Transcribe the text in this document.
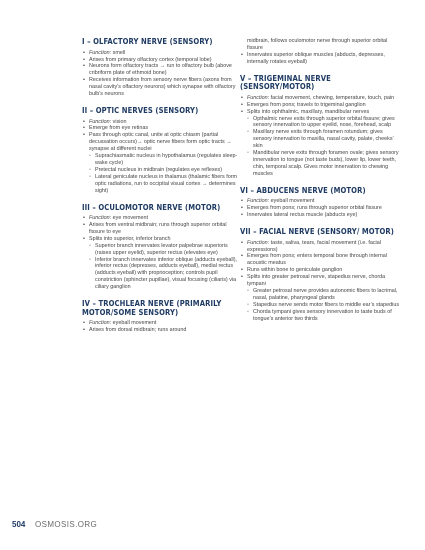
I – OLFACTORY NERVE (SENSORY)
• Function: smell
• Arises from primary olfactory cortex (temporal lobe)
• Neurons form olfactory tracts → run to olfactory bulb (above cribriform plate of ethmoid bone)
• Receives information from sensory nerve fibers (axons from nasal cavity’s olfactory neurons) which synapse with olfactory bulb’s neurons
II – OPTIC NERVES (SENSORY)
• Function: vision
• Emerge from eye retinas
• Pass through optic canal, unite at optic chiasm (partial decussation occurs)→ optic nerve fibers form optic tracts → synapse at different nuclei
◦ Suprachiasmatic nucleus in hypothalamus (regulates sleep-wake cycle)
◦ Pretectal nucleus in midbrain (regulates eye reflexes)
◦ Lateral geniculate nucleus in thalamus (thalamic fibers form optic radiations, run to occipital visual cortex → determines sight)
III – OCULOMOTOR NERVE (MOTOR)
• Function: eye movement
• Arises from ventral midbrain; runs through superior orbital fissure to eye
• Splits into superior, inferior branch
◦ Superior branch innervates levator palpebrae superioris (raises upper eyelid), superior rectus (elevates eye)
◦ Inferior branch innervates inferior oblique (adducts eyeball), inferior rectus (depresses, adducts eyeball), medial rectus (adducts eyeball) with proprioception; controls pupil constriction (sphincter pupillae), visual focusing (ciliaris) via ciliary ganglion
IV – TROCHLEAR NERVE (PRIMARILY MOTOR/SOME SENSORY)
• Function: eyeball movement
• Arises from dorsal midbrain; runs around
midbrain, follows oculomotor nerve through superior orbital fissure
• Innervates superior oblique muscles (abducts, depresses, internally rotates eyeball)
V – TRIGEMINAL NERVE (SENSORY/MOTOR)
• Function: facial movement, chewing, temperature, touch, pain
• Emerges from pons; travels to trigeminal ganglion
• Splits into ophthalmic, maxillary, mandibular nerves
◦ Opthalmic nerve exits through superior orbital fissure; gives sensory innervation to upper eyelid, nose, forehead, scalp
◦ Maxillary nerve exits through foramen rotundum; gives sensory innervation to maxilla, nasal cavity, palate, cheeks’ skin
◦ Mandibular nerve exits through foramen ovale; gives sensory innervation to tongue (not taste buds), lower lip, lower teeth, chin, temporal scalp. Gives motor innervation to chewing muscles
VI – ABDUCENS NERVE (MOTOR)
• Function: eyeball movement
• Emerges from pons; runs through superior orbital fissure
• Innervates lateral rectus muscle (abducts eye)
VII – FACIAL NERVE (SENSORY/ MOTOR)
• Function: taste, saliva, tears, facial movement (i.e. facial expressions)
• Emerges from pons; enters temporal bone through internal acoustic meatus
• Runs within bone to geniculate ganglion
• Splits into greater petrosal nerve, stapedius nerve, chorda tympani
◦ Greater petrosal nerve provides autonomic fibers to lacrimal, nasal, palatine, pharyngeal glands
◦ Stapedius nerve sends motor fibers to middle ear’s stapedius
◦ Chorda tympani gives sensory innervation to taste buds of tongue’s anterior two thirds
504 OSMOSIS.ORG
